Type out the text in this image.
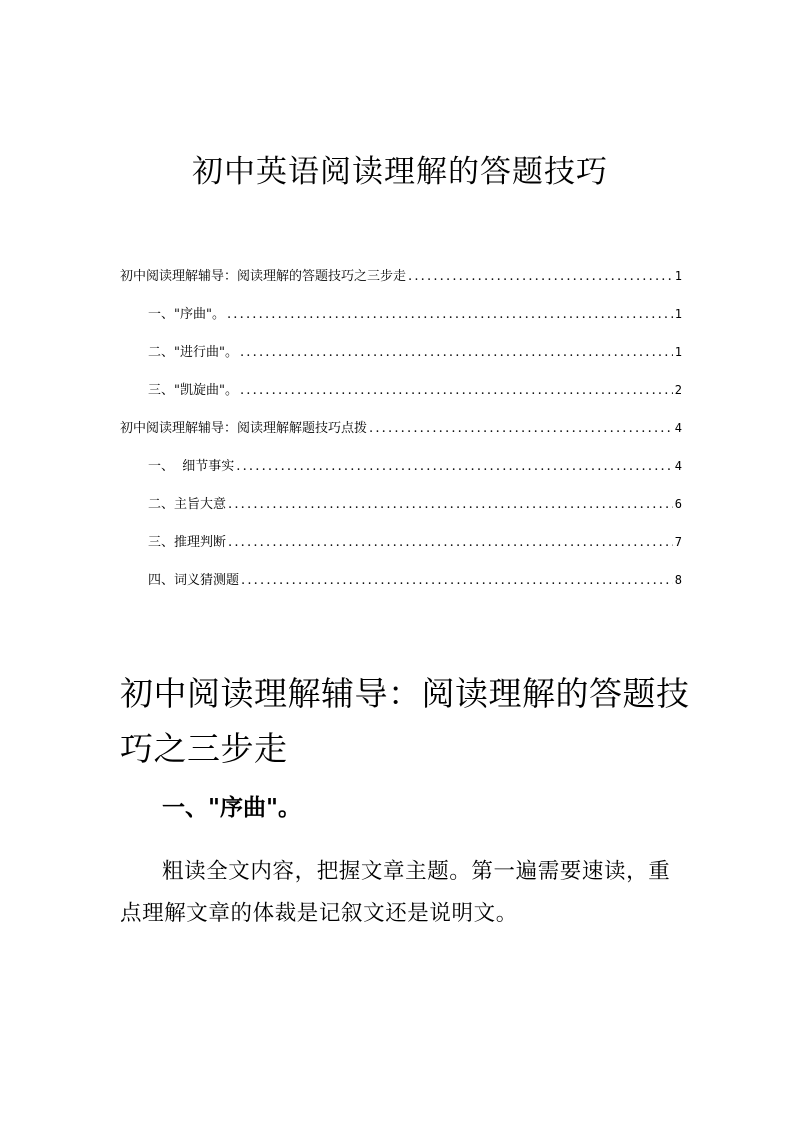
初中英语阅读理解的答题技巧
初中阅读理解辅导：阅读理解的答题技巧之三步走 .....	1
一、"序曲"。 .....	1
二、"进行曲"。 .....	1
三、"凯旋曲"。 .....	2
初中阅读理解辅导：阅读理解解题技巧点拨 .....	4
一、  细节事实 .....	4
二、主旨大意 .....	6
三、推理判断 .....	7
四、词义猜测题 .....	8
初中阅读理解辅导：阅读理解的答题技巧之三步走
一、"序曲"。
粗读全文内容，把握文章主题。第一遍需要速读，重点理解文章的体裁是记叙文还是说明文。
